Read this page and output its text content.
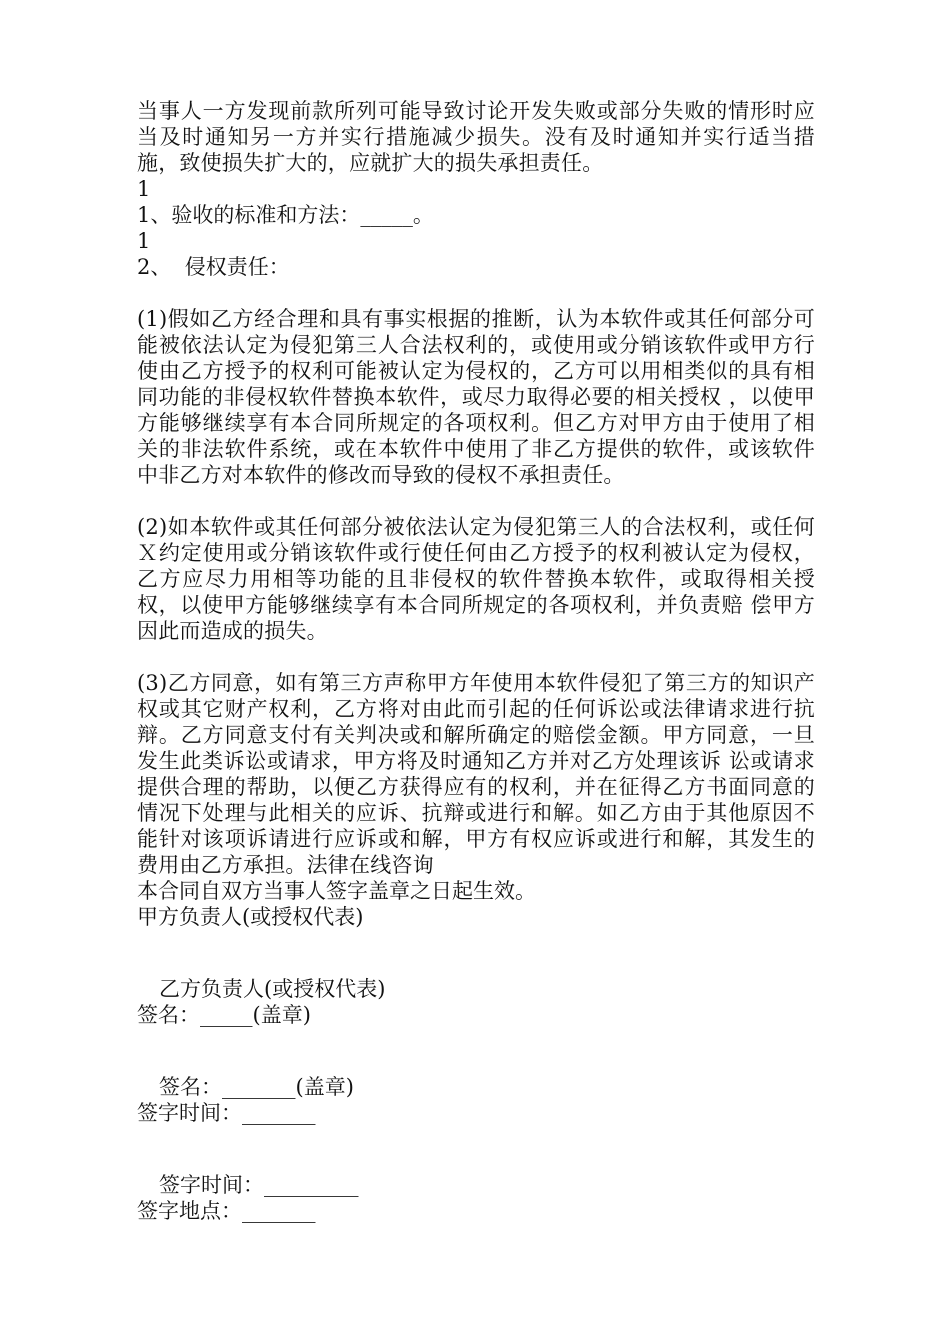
当事人一方发现前款所列可能导致讨论开发失败或部分失败的情形时应当及时通知另一方并实行措施减少损失。没有及时通知并实行适当措施，致使损失扩大的，应就扩大的损失承担责任。

1
1、验收的标准和方法：_____。
1
2、  侵权责任：

(1)假如乙方经合理和具有事实根据的推断，认为本软件或其任何部分可能被依法认定为侵犯第三人合法权利的，或使用或分销该软件或甲方行使由乙方授予的权利可能被认定为侵权的，乙方可以用相类似的具有相同功能的非侵权软件替换本软件，或尽力取得必要的相关授权 ，以使甲方能够继续享有本合同所规定的各项权利。但乙方对甲方由于使用了相关的非法软件系统，或在本软件中使用了非乙方提供的软件，或该软件中非乙方对本软件的修改而导致的侵权不承担责任。

(2)如本软件或其任何部分被依法认定为侵犯第三人的合法权利，或任何Ｘ约定使用或分销该软件或行使任何由乙方授予的权利被认定为侵权，乙方应尽力用相等功能的且非侵权的软件替换本软件，或取得相关授权，以使甲方能够继续享有本合同所规定的各项权利，并负责赔 偿甲方因此而造成的损失。

(3)乙方同意，如有第三方声称甲方年使用本软件侵犯了第三方的知识产权或其它财产权利，乙方将对由此而引起的任何诉讼或法律请求进行抗辩。乙方同意支付有关判决或和解所确定的赔偿金额。甲方同意，一旦发生此类诉讼或请求，甲方将及时通知乙方并对乙方处理该诉 讼或请求提供合理的帮助，以便乙方获得应有的权利，并在征得乙方书面同意的情况下处理与此相关的应诉、抗辩或进行和解。如乙方由于其他原因不能针对该项诉请进行应诉或和解，甲方有权应诉或进行和解，其发生的费用由乙方承担。法律在线咨询

本合同自双方当事人签字盖章之日起生效。
甲方负责人(或授权代表)
乙方负责人(或授权代表)
签名：_____(盖章)
签名：_______(盖章)
签字时间：_______
签字时间：_________
签字地点：_______
